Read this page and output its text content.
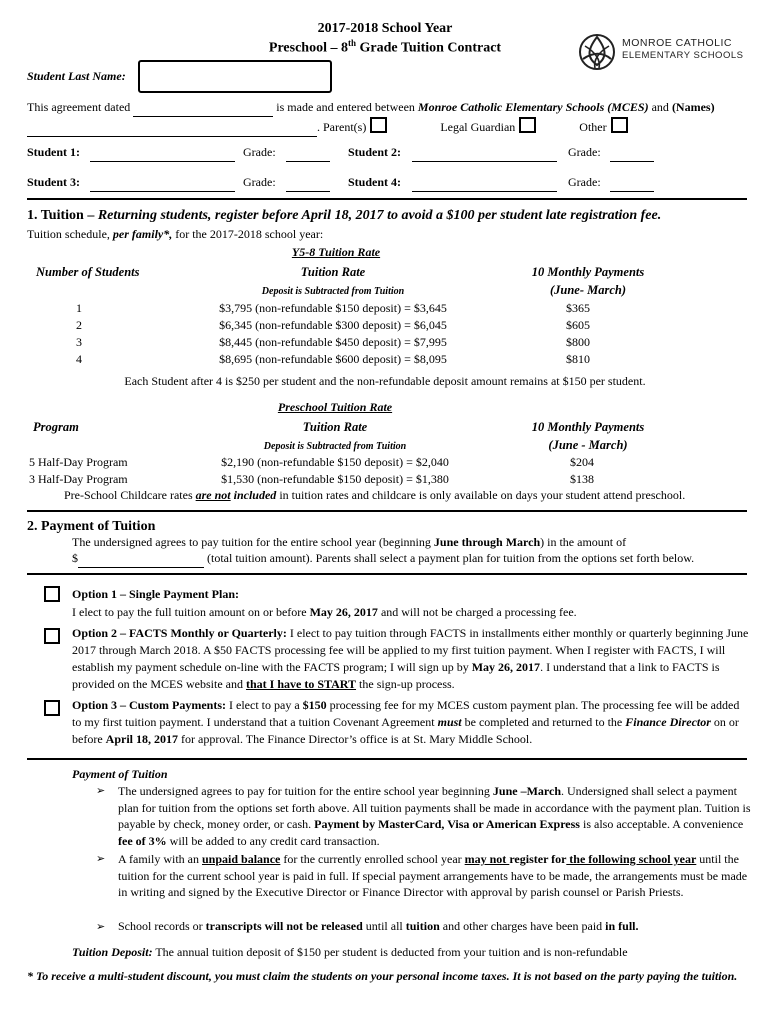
2017-2018 School Year
Preschool – 8th Grade Tuition Contract	MONROE CATHOLIC
ELEMENTARY SCHOOLS
Student Last Name:
This agreement dated	is made and entered between Monroe Catholic Elementary Schools (MCES) and (Names)
. Parent(s)	Legal Guardian	Other
Student 1:
	Grade:
	Student 2:
	Grade:

Student 3:
	Grade:
	Student 4:
	Grade:

1. Tuition – Returning students, register before April 18, 2017 to avoid a $100 per student late registration fee.
Tuition schedule, per family*, for the 2017-2018 school year:
Y5-8 Tuition Rate
Number of Students	Tuition Rate	10 Monthly Payments
Deposit is Subtracted from Tuition	(June- March)
1	$3,795 (non-refundable $150 deposit) = $3,645	$365
2	$6,345 (non-refundable $300 deposit) = $6,045	$605
3	$8,445 (non-refundable $450 deposit) = $7,995	$800
4	$8,695 (non-refundable $600 deposit) = $8,095	$810
Each Student after 4 is $250 per student and the non-refundable deposit amount remains at $150 per student.
Preschool Tuition Rate
Program	Tuition Rate	10 Monthly Payments
Deposit is Subtracted from Tuition	(June - March)
5 Half-Day Program	$2,190 (non-refundable $150 deposit) = $2,040	$204
3 Half-Day Program	$1,530 (non-refundable $150 deposit) = $1,380	$138
Pre-School Childcare rates are not included in tuition rates and childcare is only available on days your student attend preschool.
2. Payment of Tuition
The undersigned agrees to pay tuition for the entire school year (beginning June through March) in the amount of
$	(total tuition amount). Parents shall select a payment plan for tuition from the options set forth below.

Option 1 – Single Payment Plan:

I elect to pay the full tuition amount on or before May 26, 2017 and will not be charged a processing fee.

Option 2 – FACTS Monthly or Quarterly: I elect to pay tuition through FACTS in installments either monthly or quarterly beginning June 2017 through March 2018. A $50 FACTS processing fee will be applied to my first tuition payment. When I register with FACTS, I will establish my payment schedule on-line with the FACTS program; I will sign up by May 26, 2017. I understand that a link to FACTS is provided on the MCES website and that I have to START the sign-up process.
Option 3 – Custom Payments: I elect to pay a $150 processing fee for my MCES custom payment plan. The processing fee will be added to my first tuition payment. I understand that a tuition Covenant Agreement must be completed and returned to the Finance Director on or before April 18, 2017 for approval. The Finance Director’s office is at St. Mary Middle School.
Payment of Tuition
➢ The undersigned agrees to pay for tuition for the entire school year beginning June –March. Undersigned shall select a payment plan for tuition from the options set forth above. All tuition payments shall be made in accordance with the payment plan. Tuition is payable by check, money order, or cash. Payment by MasterCard, Visa or American Express is also acceptable. A convenience fee of 3% will be added to any credit card transaction.
➢ A family with an unpaid balance for the currently enrolled school year may not register for the following school year until the tuition for the current school year is paid in full. If special payment arrangements have to be made, the arrangements must be made in writing and signed by the Executive Director or Finance Director with approval by parish counsel or Parish Priests.
➢ School records or transcripts will not be released until all tuition and other charges have been paid in full.
Tuition Deposit: The annual tuition deposit of $150 per student is deducted from your tuition and is non-refundable
* To receive a multi-student discount, you must claim the students on your personal income taxes. It is not based on the party paying the tuition.
